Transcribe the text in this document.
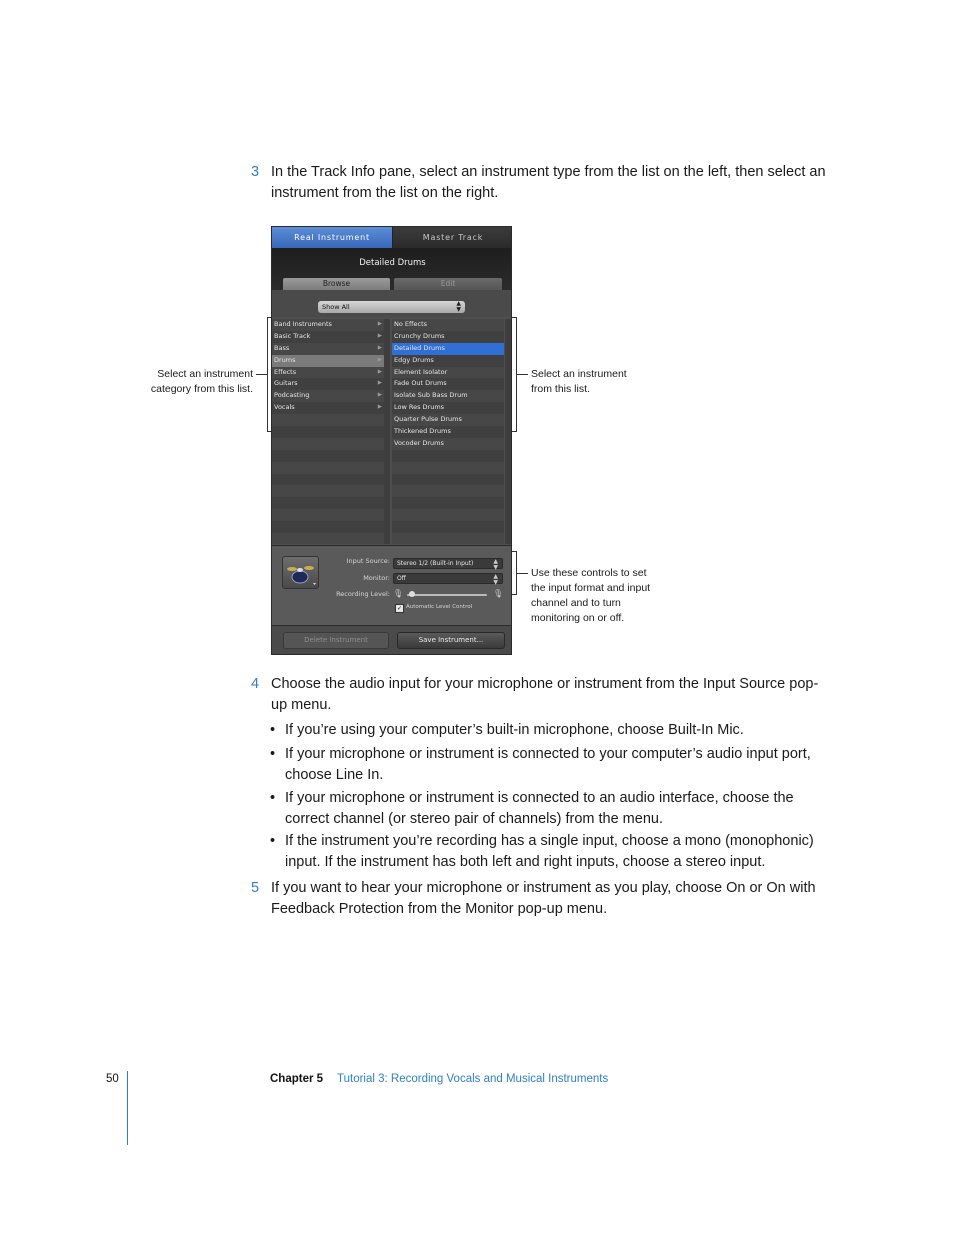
3 In the Track Info pane, select an instrument type from the list on the left, then select an
instrument from the list on the right.
Select an instrument
category from this list.
Select an instrument
from this list.
Use these controls to set
the input format and input
channel and to turn
monitoring on or off.
Real Instrument	Master Track
Detailed Drums
Browse	Edit
Show All	▲
▼
Band Instruments	▶
Basic Track	▶
Bass	▶
Drums	▶
Effects	▶
Guitars	▶
Podcasting	▶
Vocals	▶
No Effects
Crunchy Drums
Detailed Drums
Edgy Drums
Element Isolator
Fade Out Drums
Isolate Sub Bass Drum
Low Res Drums
Quarter Pulse Drums
Thickened Drums
Vocoder Drums
Input Source:	Stereo 1/2 (Built-in Input)	▲
▼
Monitor:	Off	▲
▼
Recording Level: 🎙	🎙
✓ Automatic Level Control
Delete Instrument	Save Instrument...
4 Choose the audio input for your microphone or instrument from the Input Source pop-
up menu.
• If you’re using your computer’s built-in microphone, choose Built-In Mic.
• If your microphone or instrument is connected to your computer’s audio input port,
choose Line In.
• If your microphone or instrument is connected to an audio interface, choose the
correct channel (or stereo pair of channels) from the menu.
• If the instrument you’re recording has a single input, choose a mono (monophonic)
input. If the instrument has both left and right inputs, choose a stereo input.
5 If you want to hear your microphone or instrument as you play, choose On or On with
Feedback Protection from the Monitor pop-up menu.
50	Chapter 5 Tutorial 3: Recording Vocals and Musical Instruments
